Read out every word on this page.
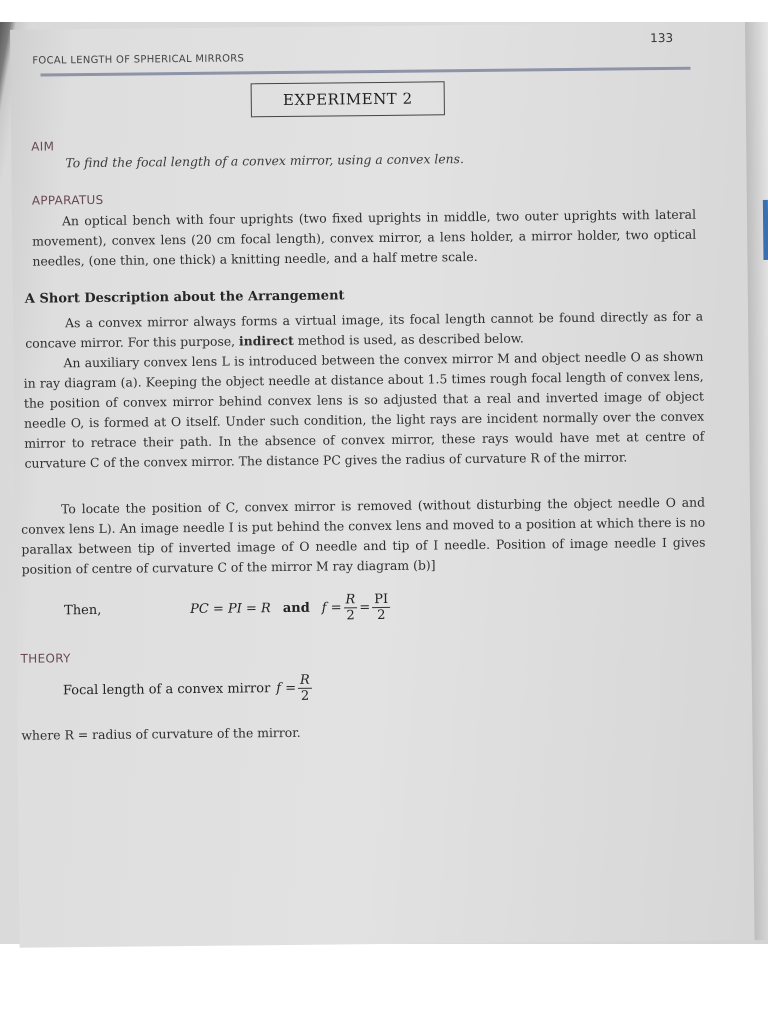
FOCAL LENGTH OF SPHERICAL MIRRORS
133
EXPERIMENT 2
AIM
To find the focal length of a convex mirror, using a convex lens.
APPARATUS

An optical bench with four uprights (two fixed uprights in middle, two outer uprights with lateral movement), convex lens (20 cm focal length), convex mirror, a lens holder, a mirror holder, two optical needles, (one thin, one thick) a knitting needle, and a half metre scale.

A Short Description about the Arrangement

As a convex mirror always forms a virtual image, its focal length cannot be found directly as for a concave mirror. For this purpose, indirect method is used, as described below.

An auxiliary convex lens L is introduced between the convex mirror M and object needle O as shown in ray diagram (a). Keeping the object needle at distance about 1.5 times rough focal length of convex lens, the position of convex mirror behind convex lens is so adjusted that a real and inverted image of object needle O, is formed at O itself. Under such condition, the light rays are incident normally over the convex mirror to retrace their path. In the absence of convex mirror, these rays would have met at centre of curvature C of the convex mirror. The distance PC gives the radius of curvature R of the mirror.

To locate the position of C, convex mirror is removed (without disturbing the object needle O and convex lens L). An image needle I is put behind the convex lens and moved to a position at which there is no parallax between tip of inverted image of O needle and tip of I needle. Position of image needle I gives position of centre of curvature C of the mirror M ray diagram (b)]

Then,	PC = PI = R and $f = \frac{R}{2} = \frac{PI}{2}$
THEORY
Focal length of a convex mirror $f = \frac{R}{2}$
where R = radius of curvature of the mirror.
